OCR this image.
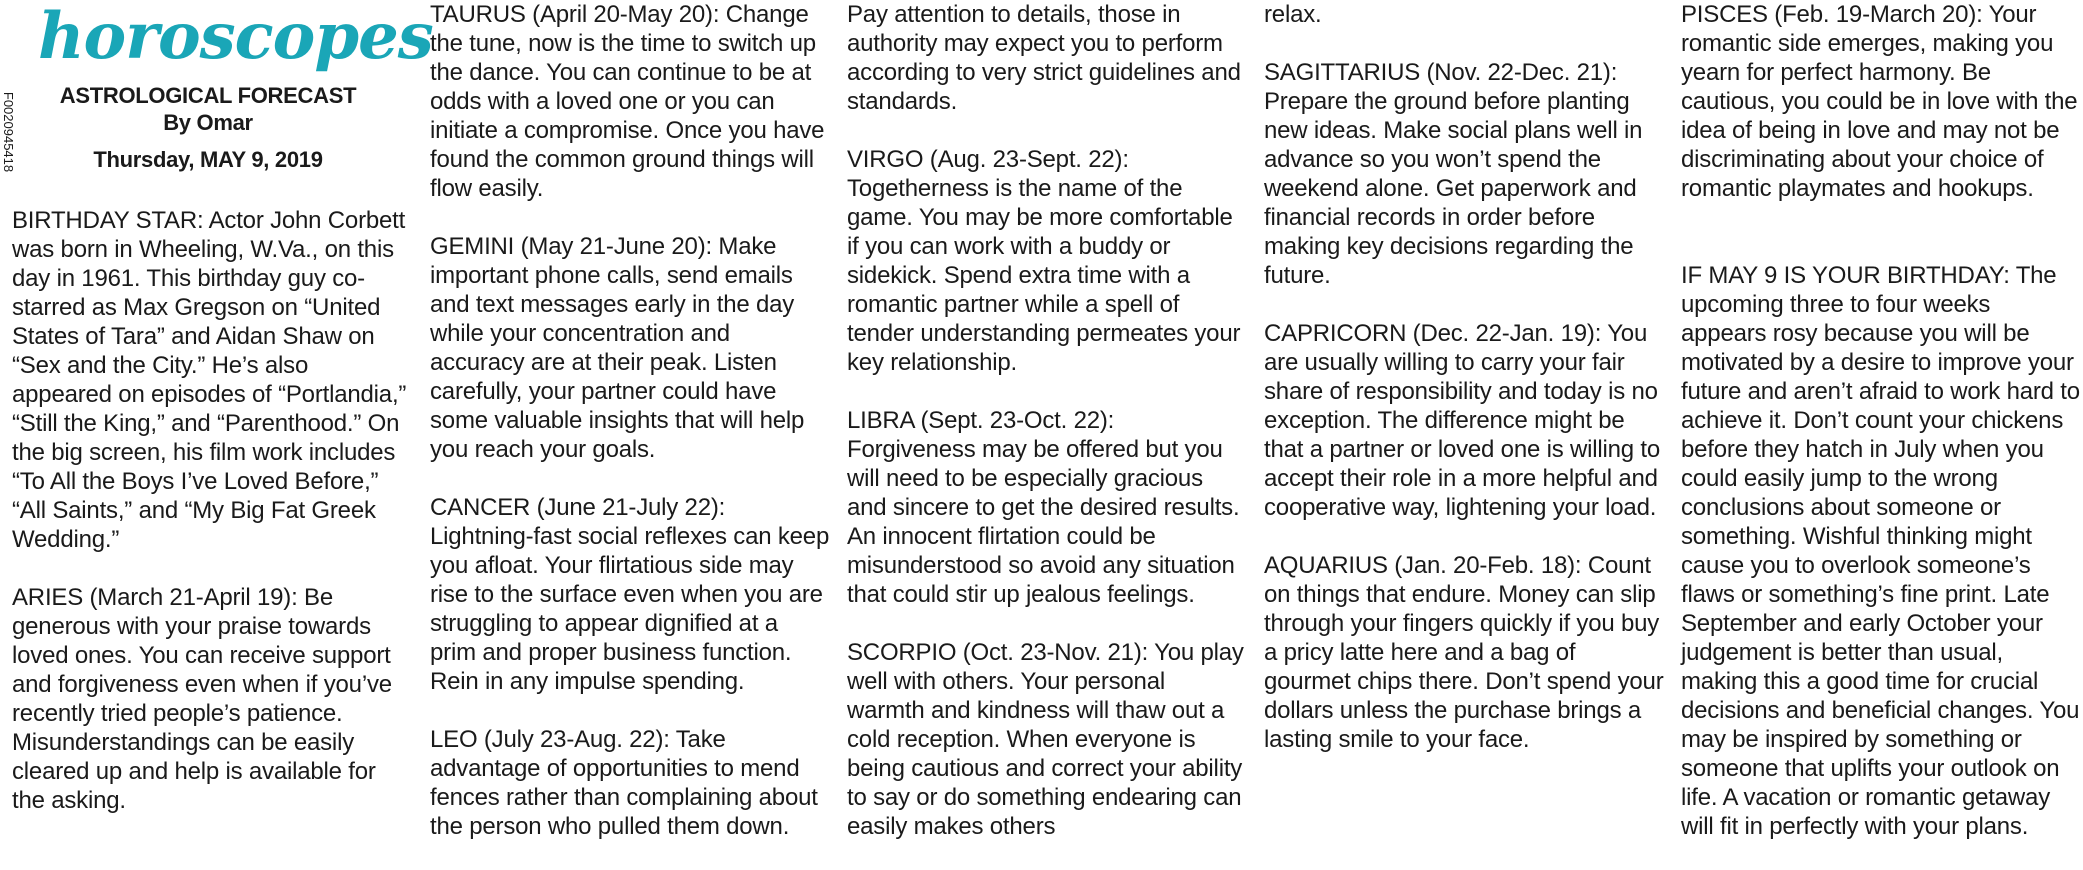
F0020945418
horoscopes
ASTROLOGICAL FORECAST
By Omar
Thursday, MAY 9, 2019

BIRTHDAY STAR: Actor John Corbett was born in Wheeling, W.Va., on this day in 1961. This birthday guy co-starred as Max Gregson on “United States of Tara” and Aidan Shaw on “Sex and the City.” He’s also appeared on episodes of “Portlandia,” “Still the King,” and “Parenthood.” On the big screen, his film work includes “To All the Boys I’ve Loved Before,” “All Saints,” and “My Big Fat Greek Wedding.”

ARIES (March 21-April 19): Be generous with your praise towards loved ones. You can receive support and forgiveness even when if you’ve recently tried people’s patience. Misunderstandings can be easily cleared up and help is available for the asking.

TAURUS (April 20-May 20): Change the tune, now is the time to switch up the dance. You can continue to be at odds with a loved one or you can initiate a compromise. Once you have found the common ground things will flow easily.

GEMINI (May 21-June 20): Make important phone calls, send emails and text messages early in the day while your concentration and accuracy are at their peak. Listen carefully, your partner could have some valuable insights that will help you reach your goals.

CANCER (June 21-July 22): Lightning-fast social reflexes can keep you afloat. Your flirtatious side may rise to the surface even when you are struggling to appear dignified at a prim and proper business function. Rein in any impulse spending.

LEO (July 23-Aug. 22): Take advantage of opportunities to mend fences rather than complaining about the person who pulled them down.

Pay attention to details, those in authority may expect you to perform according to very strict guidelines and standards.

VIRGO (Aug. 23-Sept. 22): Togetherness is the name of the game. You may be more comfortable if you can work with a buddy or sidekick. Spend extra time with a romantic partner while a spell of tender understanding permeates your key relationship.

LIBRA (Sept. 23-Oct. 22): Forgiveness may be offered but you will need to be especially gracious and sincere to get the desired results. An innocent flirtation could be misunderstood so avoid any situation that could stir up jealous feelings.

SCORPIO (Oct. 23-Nov. 21): You play well with others. Your personal warmth and kindness will thaw out a cold reception. When everyone is being cautious and correct your ability to say or do something endearing can easily makes others

relax.

SAGITTARIUS (Nov. 22-Dec. 21): Prepare the ground before planting new ideas. Make social plans well in advance so you won’t spend the weekend alone. Get paperwork and financial records in order before making key decisions regarding the future.

CAPRICORN (Dec. 22-Jan. 19): You are usually willing to carry your fair share of responsibility and today is no exception. The difference might be that a partner or loved one is willing to accept their role in a more helpful and cooperative way, lightening your load.

AQUARIUS (Jan. 20-Feb. 18): Count on things that endure. Money can slip through your fingers quickly if you buy a pricy latte here and a bag of gourmet chips there. Don’t spend your dollars unless the purchase brings a lasting smile to your face.

PISCES (Feb. 19-March 20): Your romantic side emerges, making you yearn for perfect harmony. Be cautious, you could be in love with the idea of being in love and may not be discriminating about your choice of romantic playmates and hookups.

IF MAY 9 IS YOUR BIRTHDAY: The upcoming three to four weeks appears rosy because you will be motivated by a desire to improve your future and aren’t afraid to work hard to achieve it. Don’t count your chickens before they hatch in July when you could easily jump to the wrong conclusions about someone or something. Wishful thinking might cause you to overlook someone’s flaws or something’s fine print. Late September and early October your judgement is better than usual, making this a good time for crucial decisions and beneficial changes. You may be inspired by something or someone that uplifts your outlook on life. A vacation or romantic getaway will fit in perfectly with your plans.
